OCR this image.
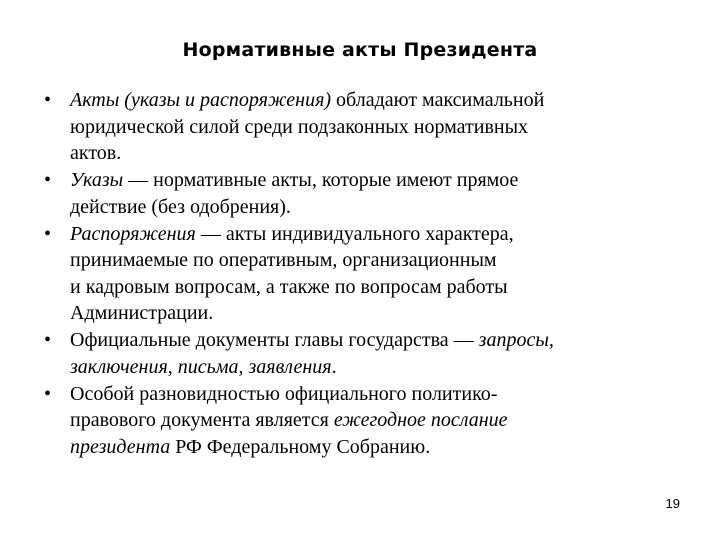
Нормативные акты Президента
• Акты (указы и распоряжения) обладают максимальной
юридической силой среди подзаконных нормативных
актов.
• Указы — нормативные акты, которые имеют прямое
действие (без одобрения).
• Распоряжения — акты индивидуального характера,
принимаемые по оперативным, организационным
и кадровым вопросам, а также по вопросам работы
Администрации.
• Официальные документы главы государства — запросы,
заключения, письма, заявления.
• Особой разновидностью официального политико-
правового документа является ежегодное послание
президента РФ Федеральному Собранию.
19
